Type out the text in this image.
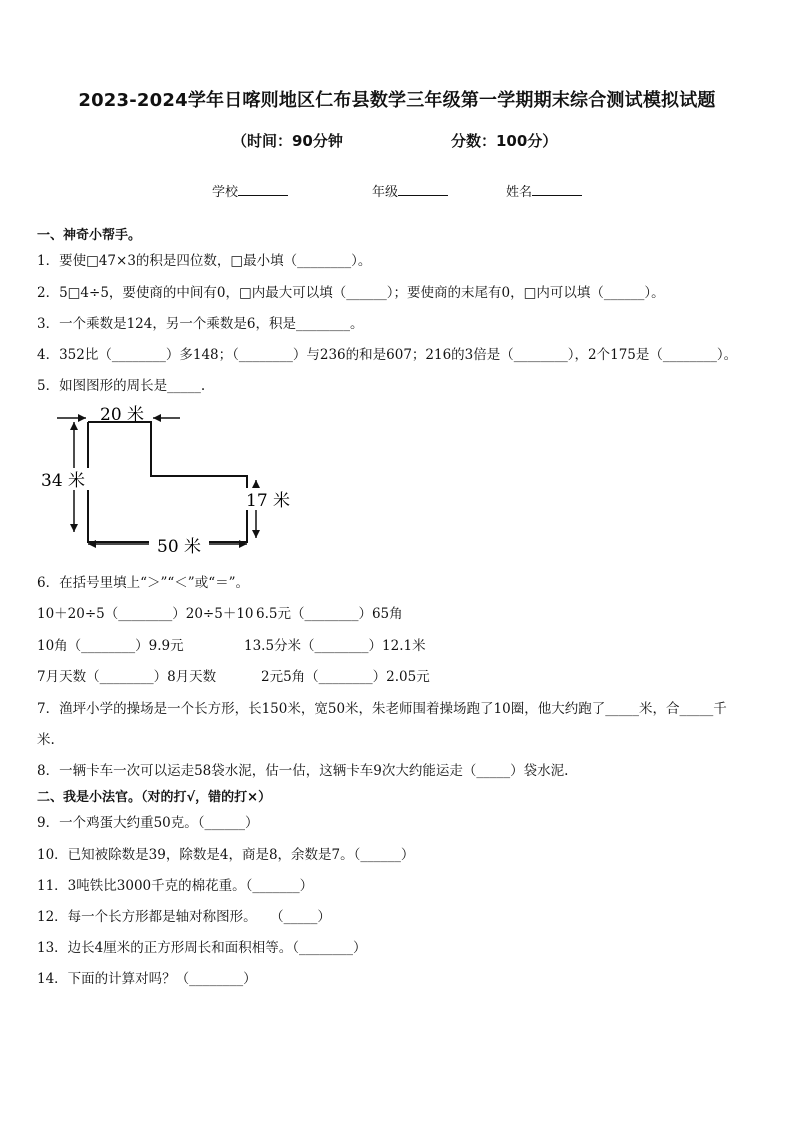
2023-2024学年日喀则地区仁布县数学三年级第一学期期末综合测试模拟试题
（时间：90分钟	分数：100分）
学校	年级	姓名
一、神奇小帮手。
1．要使□47×3的积是四位数，□最小填（________）。
2．5□4÷5，要使商的中间有0，□内最大可以填（______）；要使商的末尾有0，□内可以填（______）。
3．一个乘数是124，另一个乘数是6，积是________。
4．352比（________）多148；（________）与236的和是607；216的3倍是（________），2个175是（________）。
5．如图图形的周长是_____.
20 米
34 米
17 米
50 米
6．在括号里填上“＞”“＜”或“＝”。
10＋20÷5（________）20÷5＋10 6.5元（________）65角
10角（________）9.9元	13.5分米（________）12.1米
7月天数（________）8月天数	2元5角（________）2.05元
7．渔坪小学的操场是一个长方形，长150米，宽50米，朱老师围着操场跑了10圈，他大约跑了_____米，合_____千
米.
8．一辆卡车一次可以运走58袋水泥，估一估，这辆卡车9次大约能运走（_____）袋水泥.
二、我是小法官。（对的打√，错的打×）
9．一个鸡蛋大约重50克。（______）
10．已知被除数是39，除数是4，商是8，余数是7。（______）
11．3吨铁比3000千克的棉花重。（_______）
12．每一个长方形都是轴对称图形。　　（_____）
13．边长4厘米的正方形周长和面积相等。（________）
14．下面的计算对吗？（________）
